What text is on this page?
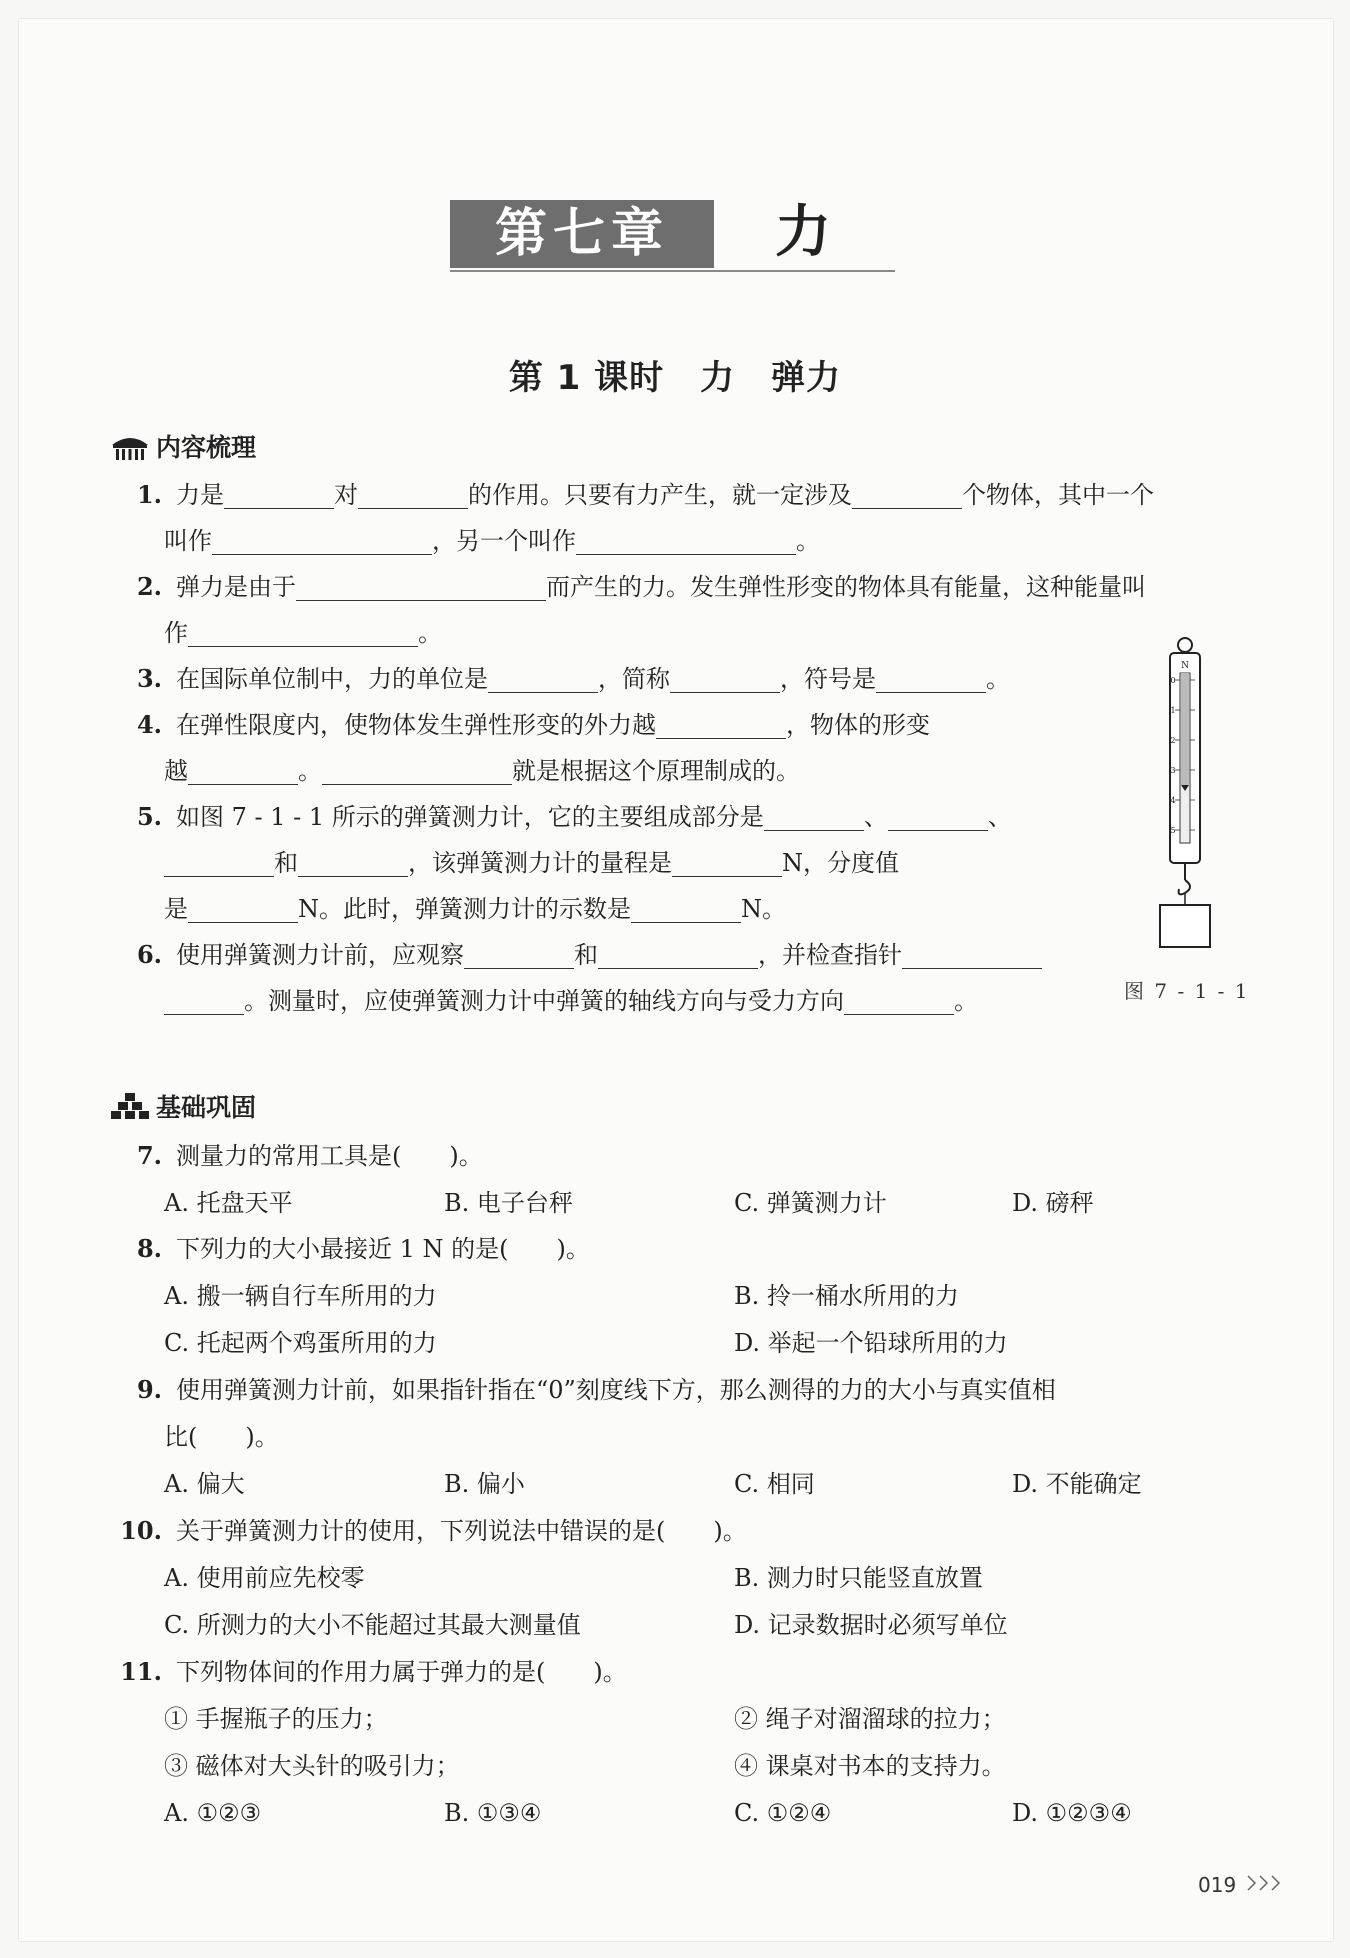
第七章	力
第 1 课时 力 弹力
内容梳理
1. 力是	对	的作用。只要有力产生，就一定涉及	个物体，其中一个
叫作	，另一个叫作	。
2. 弹力是由于	而产生的力。发生弹性形变的物体具有能量，这种能量叫
作	。
3. 在国际单位制中，力的单位是	，简称	，符号是	。
4. 在弹性限度内，使物体发生弹性形变的外力越	，物体的形变
越	。	就是根据这个原理制成的。
5. 如图 7 - 1 - 1 所示的弹簧测力计，它的主要组成部分是	、	、
和	，该弹簧测力计的量程是	N，分度值
是	N。此时，弹簧测力计的示数是	N。
6. 使用弹簧测力计前，应观察	和	，并检查指针
。测量时，应使弹簧测力计中弹簧的轴线方向与受力方向	。
N
0
1
2
3
4
5
图 7 - 1 - 1
基础巩固
7. 测量力的常用工具是(　　)。
A. 托盘天平	B. 电子台秤	C. 弹簧测力计	D. 磅秤
8. 下列力的大小最接近 1 N 的是(　　)。
A. 搬一辆自行车所用的力	B. 拎一桶水所用的力
C. 托起两个鸡蛋所用的力	D. 举起一个铅球所用的力
9. 使用弹簧测力计前，如果指针指在“0”刻度线下方，那么测得的力的大小与真实值相
比(　　)。
A. 偏大	B. 偏小	C. 相同	D. 不能确定
10. 关于弹簧测力计的使用，下列说法中错误的是(　　)。
A. 使用前应先校零	B. 测力时只能竖直放置
C. 所测力的大小不能超过其最大测量值	D. 记录数据时必须写单位
11. 下列物体间的作用力属于弹力的是(　　)。
① 手握瓶子的压力；	② 绳子对溜溜球的拉力；
③ 磁体对大头针的吸引力；	④ 课桌对书本的支持力。
A. ①②③	B. ①③④	C. ①②④	D. ①②③④
019
